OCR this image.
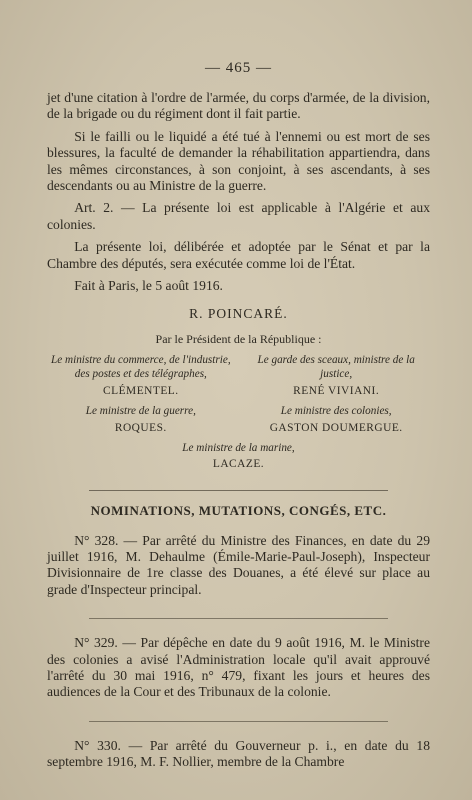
— 465 —

jet d'une citation à l'ordre de l'armée, du corps d'armée, de la division, de la brigade ou du régiment dont il fait partie.

Si le failli ou le liquidé a été tué à l'ennemi ou est mort de ses blessures, la faculté de demander la réhabilitation appartiendra, dans les mêmes circonstances, à son conjoint, à ses ascendants, à ses descendants ou au Ministre de la guerre.

Art. 2. — La présente loi est applicable à l'Algérie et aux colonies.

La présente loi, délibérée et adoptée par le Sénat et par la Chambre des députés, sera exécutée comme loi de l'État.

Fait à Paris, le 5 août 1916.

R. POINCARÉ.
Par le Président de la République :
Le ministre du commerce, de l'industrie, des postes et des télégraphes,
CLÉMENTEL.
Le garde des sceaux, ministre de la justice,
RENÉ VIVIANI.
Le ministre de la guerre,
ROQUES.
Le ministre des colonies,
GASTON DOUMERGUE.
Le ministre de la marine,
LACAZE.
NOMINATIONS, MUTATIONS, CONGÉS, ETC.

N° 328. — Par arrêté du Ministre des Finances, en date du 29 juillet 1916, M. Dehaulme (Émile-Marie-Paul-Joseph), Inspecteur Divisionnaire de 1re classe des Douanes, a été élevé sur place au grade d'Inspecteur principal.

N° 329. — Par dépêche en date du 9 août 1916, M. le Ministre des colonies a avisé l'Administration locale qu'il avait approuvé l'arrêté du 30 mai 1916, n° 479, fixant les jours et heures des audiences de la Cour et des Tribunaux de la colonie.

N° 330. — Par arrêté du Gouverneur p. i., en date du 18 septembre 1916, M. F. Nollier, membre de la Chambre
